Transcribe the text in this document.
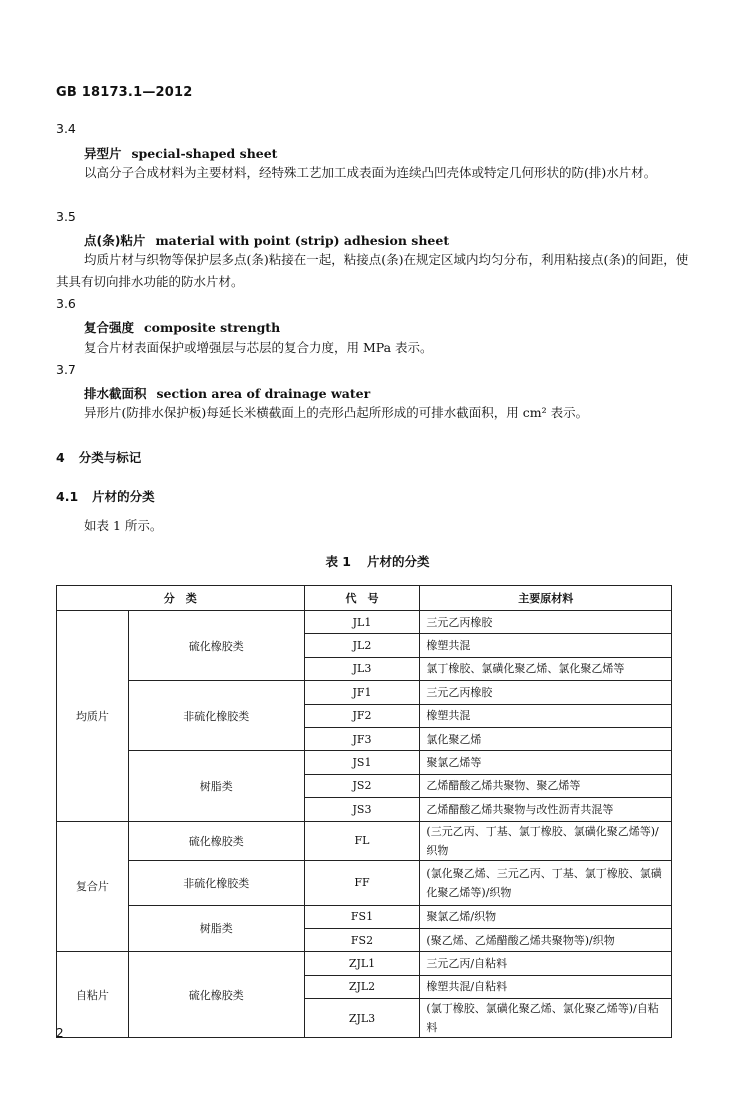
GB 18173.1—2012
3.4
异型片 special-shaped sheet
以高分子合成材料为主要材料，经特殊工艺加工成表面为连续凸凹壳体或特定几何形状的防(排)水片材。
3.5
点(条)粘片 material with point (strip) adhesion sheet
均质片材与织物等保护层多点(条)粘接在一起，粘接点(条)在规定区域内均匀分布，利用粘接点(条)的间距，使其具有切向排水功能的防水片材。
3.6
复合强度 composite strength
复合片材表面保护或增强层与芯层的复合力度，用 MPa 表示。
3.7
排水截面积 section area of drainage water
异形片(防排水保护板)每延长米横截面上的壳形凸起所形成的可排水截面积，用 cm² 表示。
4 分类与标记
4.1 片材的分类
如表 1 所示。
表 1 片材的分类
分　类		代　号	主要原材料
均质片	硫化橡胶类	JL1	三元乙丙橡胶
		JL2	橡塑共混
		JL3	氯丁橡胶、氯磺化聚乙烯、氯化聚乙烯等
	非硫化橡胶类	JF1	三元乙丙橡胶
		JF2	橡塑共混
		JF3	氯化聚乙烯
	树脂类	JS1	聚氯乙烯等
		JS2	乙烯醋酸乙烯共聚物、聚乙烯等
		JS3	乙烯醋酸乙烯共聚物与改性沥青共混等
复合片	硫化橡胶类	FL	(三元乙丙、丁基、氯丁橡胶、氯磺化聚乙烯等)/织物
	非硫化橡胶类	FF	(氯化聚乙烯、三元乙丙、丁基、氯丁橡胶、氯磺化聚乙烯等)/织物
	树脂类	FS1	聚氯乙烯/织物
		FS2	(聚乙烯、乙烯醋酸乙烯共聚物等)/织物
自粘片	硫化橡胶类	ZJL1	三元乙丙/自粘料
		ZJL2	橡塑共混/自粘料
		ZJL3	(氯丁橡胶、氯磺化聚乙烯、氯化聚乙烯等)/自粘料
2
